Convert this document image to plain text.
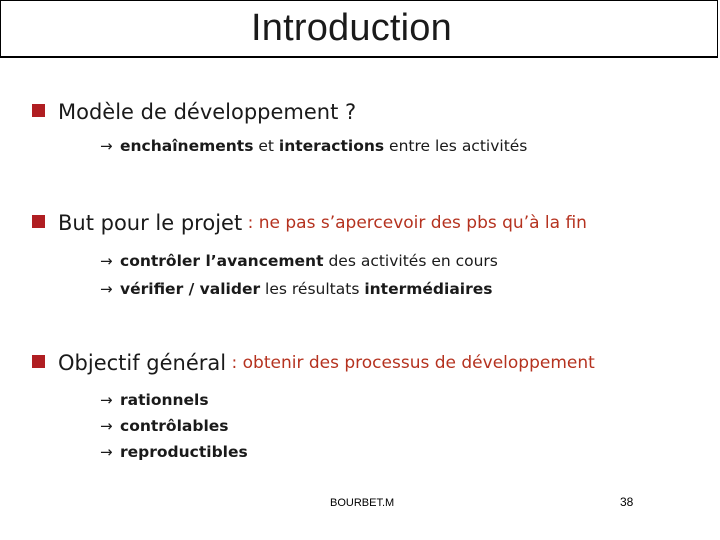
Introduction
Modèle de développement ?
→ enchaînements et interactions entre les activités
But pour le projet : ne pas s’apercevoir des pbs qu’à la fin
→ contrôler l’avancement des activités en cours
→ vérifier / valider les résultats intermédiaires
Objectif général : obtenir des processus de développement
→ rationnels
→ contrôlables
→ reproductibles
BOURBET.M	38
